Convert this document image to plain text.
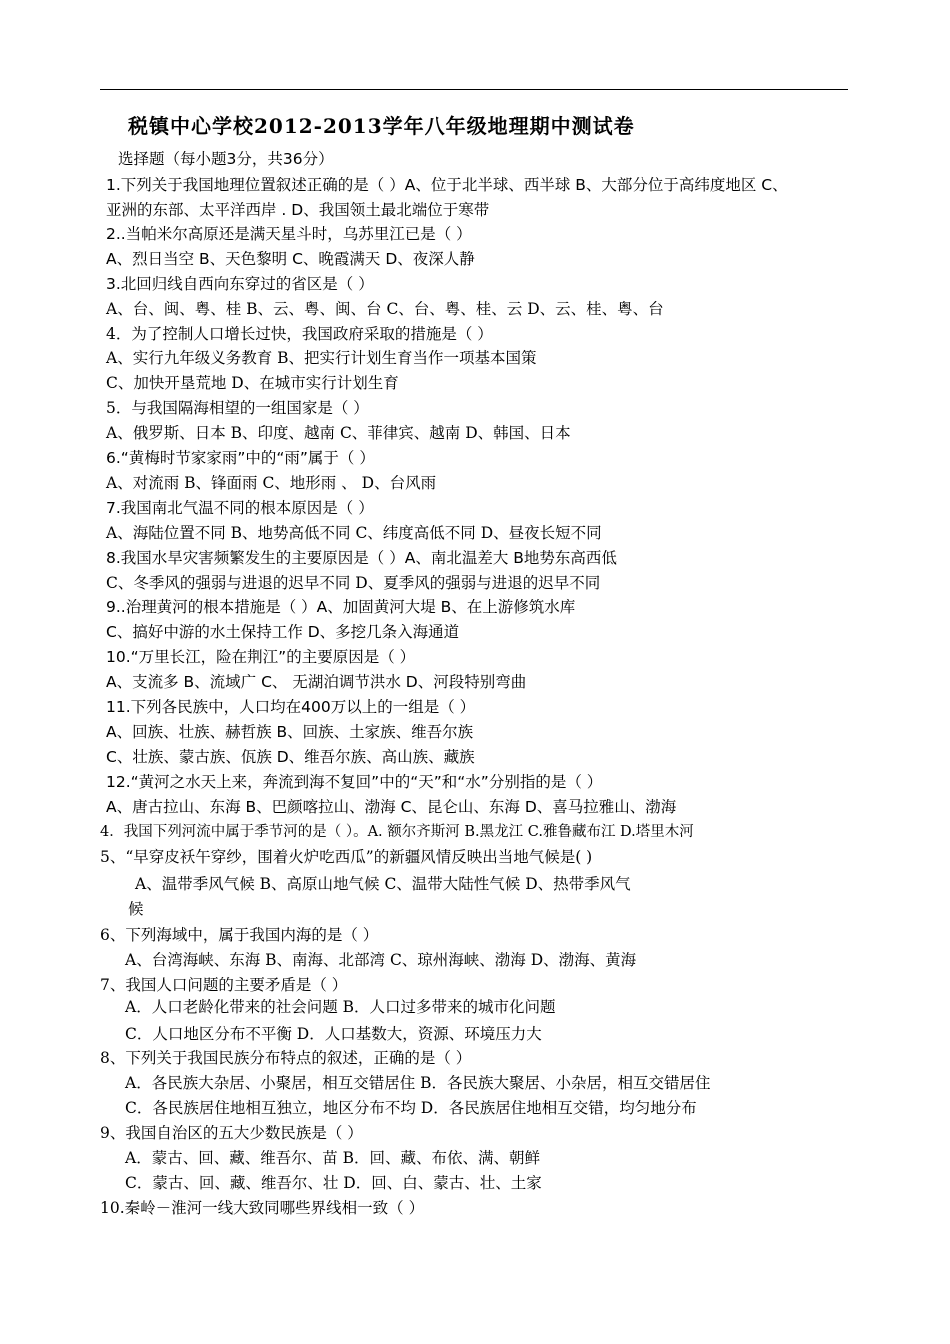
税镇中心学校2012-2013学年八年级地理期中测试卷
选择题（每小题3分，共36分）
1.下列关于我国地理位置叙述正确的是（ ）A、位于北半球、西半球 B、大部分位于高纬度地区 C、
亚洲的东部、太平洋西岸 . D、我国领土最北端位于寒带
2..当帕米尔高原还是满天星斗时，乌苏里江已是（ ）
A、烈日当空 B、天色黎明 C、晚霞满天 D、夜深人静
3.北回归线自西向东穿过的省区是（ ）
A、台、闽、粤、桂 B、云、粤、闽、台 C、台、粤、桂、云 D、云、桂、粤、台
4．为了控制人口增长过快，我国政府采取的措施是（ ）
A、实行九年级义务教育 B、把实行计划生育当作一项基本国策
C、加快开垦荒地 D、在城市实行计划生育
5．与我国隔海相望的一组国家是（ ）
A、俄罗斯、日本 B、印度、越南 C、菲律宾、越南 D、韩国、日本
6.“黄梅时节家家雨”中的“雨”属于（ ）
A、对流雨 B、锋面雨 C、地形雨 、 D、台风雨
7.我国南北气温不同的根本原因是（ ）
A、海陆位置不同 B、地势高低不同 C、纬度高低不同 D、昼夜长短不同
8.我国水旱灾害频繁发生的主要原因是（ ）A、南北温差大 B地势东高西低
C、冬季风的强弱与进退的迟早不同 D、夏季风的强弱与进退的迟早不同
9..治理黄河的根本措施是（ ）A、加固黄河大堤 B、在上游修筑水库
C、搞好中游的水土保持工作 D、多挖几条入海通道
10.“万里长江，险在荆江”的主要原因是（ ）
A、支流多 B、流域广 C、 无湖泊调节洪水 D、河段特别弯曲
11.下列各民族中，人口均在400万以上的一组是（ ）
A、回族、壮族、赫哲族 B、回族、土家族、维吾尔族
C、壮族、蒙古族、佤族 D、维吾尔族、高山族、藏族
12.“黄河之水天上来，奔流到海不复回”中的“天”和“水”分别指的是（ ）
A、唐古拉山、东海 B、巴颜喀拉山、渤海 C、昆仑山、东海 D、喜马拉雅山、渤海
4．我国下列河流中属于季节河的是（ ）。A. 额尔齐斯河 B.黑龙江 C.雅鲁藏布江 D.塔里木河
5、“早穿皮袄午穿纱，围着火炉吃西瓜”的新疆风情反映出当地气候是( )
A、温带季风气候 B、高原山地气候 C、温带大陆性气候 D、热带季风气
候
6、下列海域中，属于我国内海的是（ ）
A、台湾海峡、东海 B、南海、北部湾 C、琼州海峡、渤海 D、渤海、黄海
7、我国人口问题的主要矛盾是（ ）
A．人口老龄化带来的社会问题 B．人口过多带来的城市化问题
C．人口地区分布不平衡 D．人口基数大，资源、环境压力大
8、下列关于我国民族分布特点的叙述，正确的是（ ）
A．各民族大杂居、小聚居，相互交错居住 B．各民族大聚居、小杂居，相互交错居住
C．各民族居住地相互独立，地区分布不均 D．各民族居住地相互交错，均匀地分布
9、我国自治区的五大少数民族是（ ）
A．蒙古、回、藏、维吾尔、苗 B．回、藏、布依、满、朝鲜
C．蒙古、回、藏、维吾尔、壮 D．回、白、蒙古、壮、土家
10.秦岭－淮河一线大致同哪些界线相一致（ ）
